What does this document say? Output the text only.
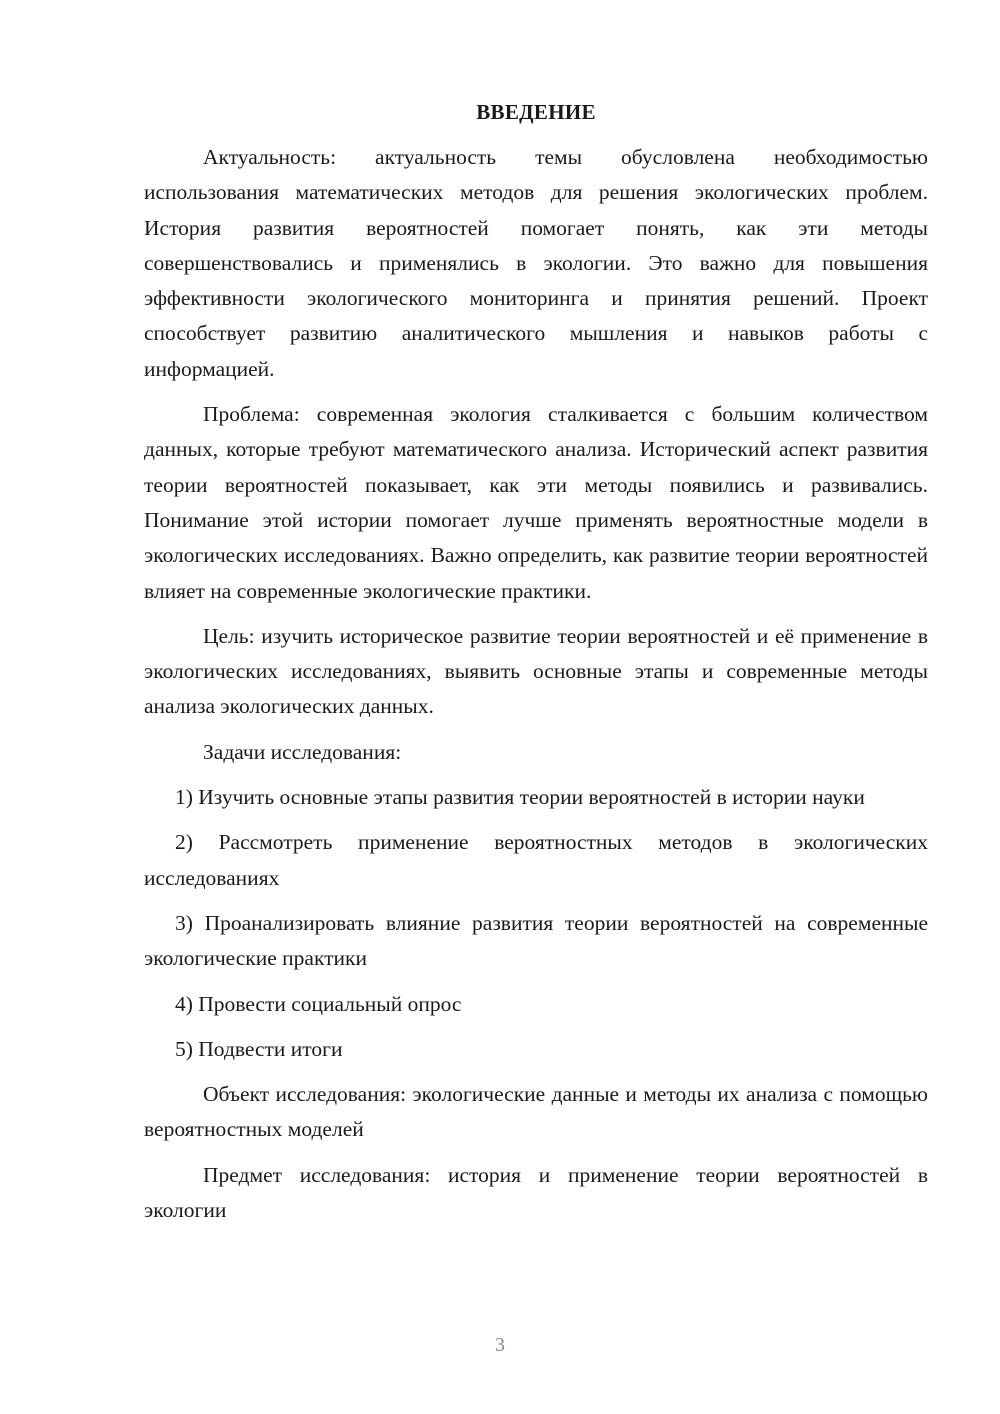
ВВЕДЕНИЕ

Актуальность: актуальность темы обусловлена необходимостью использования математических методов для решения экологических проблем. История развития вероятностей помогает понять, как эти методы совершенствовались и применялись в экологии. Это важно для повышения эффективности экологического мониторинга и принятия решений. Проект способствует развитию аналитического мышления и навыков работы с информацией.

Проблема: современная экология сталкивается с большим количеством данных, которые требуют математического анализа. Исторический аспект развития теории вероятностей показывает, как эти методы появились и развивались. Понимание этой истории помогает лучше применять вероятностные модели в экологических исследованиях. Важно определить, как развитие теории вероятностей влияет на современные экологические практики.

Цель: изучить историческое развитие теории вероятностей и её применение в экологических исследованиях, выявить основные этапы и современные методы анализа экологических данных.

Задачи исследования:

1) Изучить основные этапы развития теории вероятностей в истории науки

2) Рассмотреть применение вероятностных методов в экологических исследованиях

3) Проанализировать влияние развития теории вероятностей на современные экологические практики

4) Провести социальный опрос

5) Подвести итоги

Объект исследования: экологические данные и методы их анализа с помощью вероятностных моделей

Предмет исследования: история и применение теории вероятностей в экологии

3
